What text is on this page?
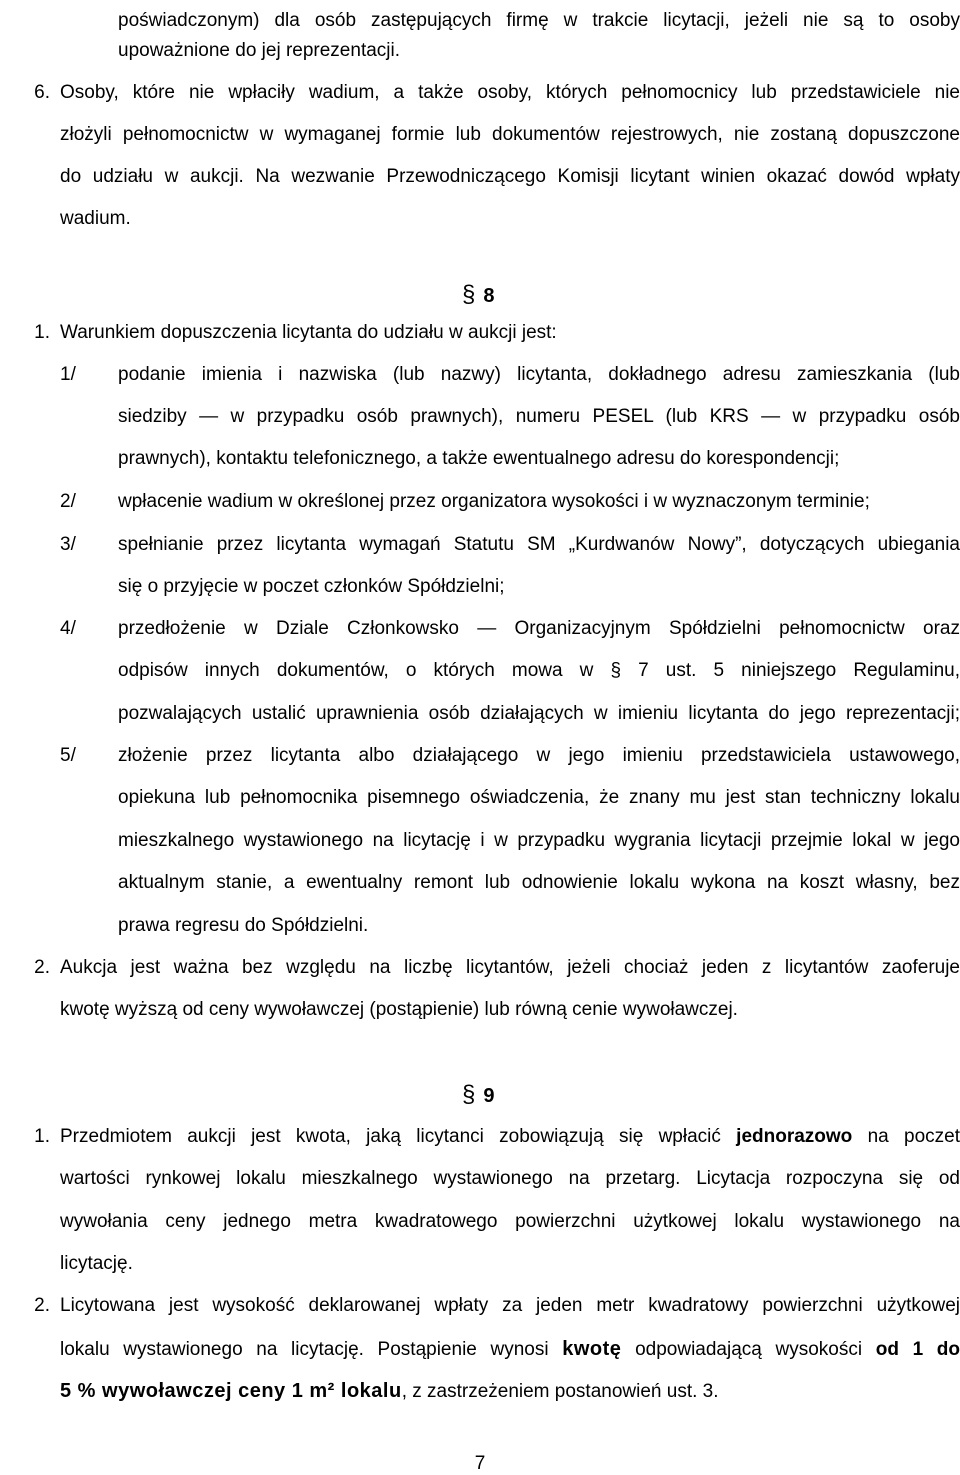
poświadczonym) dla osób zastępujących firmę w trakcie licytacji, jeżeli nie są to osoby
upoważnione do jej reprezentacji.
6. Osoby, które nie wpłaciły wadium, a także osoby, których pełnomocnicy lub przedstawiciele nie
złożyli pełnomocnictw w wymaganej formie lub dokumentów rejestrowych, nie zostaną dopuszczone
do udziału w aukcji. Na wezwanie Przewodniczącego Komisji licytant winien okazać dowód wpłaty
wadium.
§ 8
1. Warunkiem dopuszczenia licytanta do udziału w aukcji jest:
1/	podanie imienia i nazwiska (lub nazwy) licytanta, dokładnego adresu zamieszkania (lub
siedziby — w przypadku osób prawnych), numeru PESEL (lub KRS — w przypadku osób
prawnych), kontaktu telefonicznego, a także ewentualnego adresu do korespondencji;
2/	wpłacenie wadium w określonej przez organizatora wysokości i w wyznaczonym terminie;
3/	spełnianie przez licytanta wymagań Statutu SM „Kurdwanów Nowy”, dotyczących ubiegania
się o przyjęcie w poczet członków Spółdzielni;
4/	przedłożenie w Dziale Członkowsko — Organizacyjnym Spółdzielni pełnomocnictw oraz
odpisów innych dokumentów, o których mowa w § 7 ust. 5 niniejszego Regulaminu,
pozwalających ustalić uprawnienia osób działających w imieniu licytanta do jego reprezentacji;
5/	złożenie przez licytanta albo działającego w jego imieniu przedstawiciela ustawowego,
opiekuna lub pełnomocnika pisemnego oświadczenia, że znany mu jest stan techniczny lokalu
mieszkalnego wystawionego na licytację i w przypadku wygrania licytacji przejmie lokal w jego
aktualnym stanie, a ewentualny remont lub odnowienie lokalu wykona na koszt własny, bez
prawa regresu do Spółdzielni.
2. Aukcja jest ważna bez względu na liczbę licytantów, jeżeli chociaż jeden z licytantów zaoferuje
kwotę wyższą od ceny wywoławczej (postąpienie) lub równą cenie wywoławczej.
§ 9
1. Przedmiotem aukcji jest kwota, jaką licytanci zobowiązują się wpłacić jednorazowo na poczet
wartości rynkowej lokalu mieszkalnego wystawionego na przetarg. Licytacja rozpoczyna się od
wywołania ceny jednego metra kwadratowego powierzchni użytkowej lokalu wystawionego na
licytację.
2. Licytowana jest wysokość deklarowanej wpłaty za jeden metr kwadratowy powierzchni użytkowej
lokalu wystawionego na licytację. Postąpienie wynosi kwotę odpowiadającą wysokości od 1 do
5 % wywoławczej ceny 1 m² lokalu, z zastrzeżeniem postanowień ust. 3.
7
